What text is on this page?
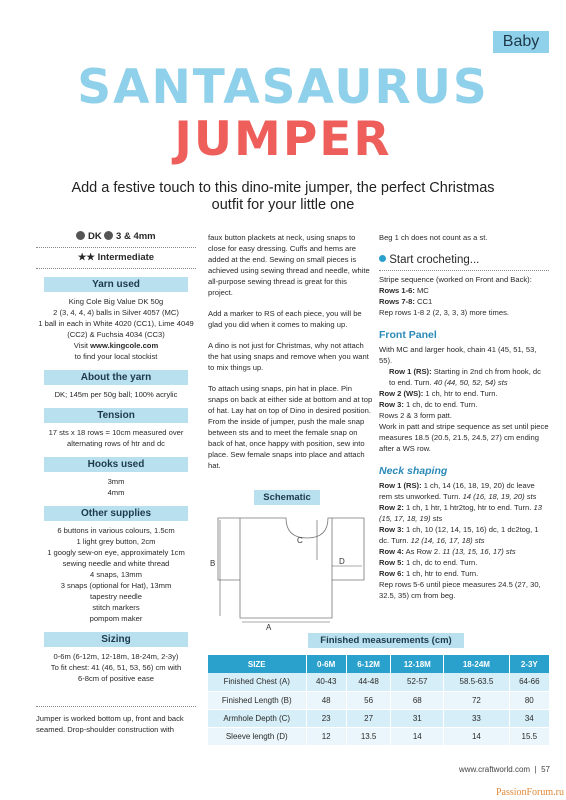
Baby
SANTASAURUS
JUMPER
Add a festive touch to this dino-mite jumper, the perfect Christmas outfit for your little one
DK 3 & 4mm
★★ Intermediate
Yarn used
King Cole Big Value DK 50g
2 (3, 4, 4, 4) balls in Silver 4057 (MC)
1 ball in each in White 4020 (CC1), Lime 4049
(CC2) & Fuchsia 4034 (CC3)
Visit www.kingcole.com
to find your local stockist
About the yarn
DK; 145m per 50g ball; 100% acrylic
Tension
17 sts x 18 rows = 10cm measured over
alternating rows of htr and dc
Hooks used
3mm
4mm
Other supplies
6 buttons in various colours, 1.5cm
1 light grey button, 2cm
1 googly sew-on eye, approximately 1cm
sewing needle and white thread
4 snaps, 13mm
3 snaps (optional for Hat), 13mm
tapestry needle
stitch markers
pompom maker
Sizing
0-6m (6-12m, 12-18m, 18-24m, 2-3y)
To fit chest: 41 (46, 51, 53, 56) cm with
6-8cm of positive ease
Jumper is worked bottom up, front and back seamed. Drop-shoulder construction with

faux button plackets at neck, using snaps to close for easy dressing. Cuffs and hems are added at the end. Sewing on small pieces is achieved using sewing thread and needle, white all-purpose sewing thread is great for this project.

Add a marker to RS of each piece, you will be glad you did when it comes to making up.

A dino is not just for Christmas, why not attach the hat using snaps and remove when you want to mix things up.

To attach using snaps, pin hat in place. Pin snaps on back at either side at bottom and at top of hat. Lay hat on top of Dino in desired position. From the inside of jumper, push the male snap between sts and to meet the female snap on back of hat, once happy with position, sew into place. Sew female snaps into place and attach hat.

Schematic
A
B
C
D
Beg 1 ch does not count as a st.
Start crocheting...
Stripe sequence (worked on Front and Back):
Rows 1-6: MC
Rows 7-8: CC1
Rep rows 1-8 2 (2, 3, 3, 3) more times.
Front Panel
With MC and larger hook, chain 41 (45, 51, 53, 55).
Row 1 (RS): Starting in 2nd ch from hook, dc to end. Turn. 40 (44, 50, 52, 54) sts
Row 2 (WS): 1 ch, htr to end. Turn.
Row 3: 1 ch, dc to end. Turn.
Rows 2 & 3 form patt.
Work in patt and stripe sequence as set until piece measures 18.5 (20.5, 21.5, 24.5, 27) cm ending after a WS row.
Neck shaping
Row 1 (RS): 1 ch, 14 (16, 18, 19, 20) dc leave rem sts unworked. Turn. 14 (16, 18, 19, 20) sts
Row 2: 1 ch, 1 htr, 1 htr2tog, htr to end. Turn. 13 (15, 17, 18, 19) sts
Row 3: 1 ch, 10 (12, 14, 15, 16) dc, 1 dc2tog, 1 dc. Turn. 12 (14, 16, 17, 18) sts
Row 4: As Row 2. 11 (13, 15, 16, 17) sts
Row 5: 1 ch, dc to end. Turn.
Row 6: 1 ch, htr to end. Turn.
Rep rows 5-6 until piece measures 24.5 (27, 30, 32.5, 35) cm from beg.
Finished measurements (cm)
SIZE	0-6M	6-12M	12-18M	18-24M	2-3Y
Finished Chest (A)	40-43	44-48	52-57	58.5-63.5	64-66
Finished Length (B)	48	56	68	72	80
Armhole Depth (C)	23	27	31	33	34
Sleeve length (D)	12	13.5	14	14	15.5
www.craftworld.com  |  57
PassionForum.ru
